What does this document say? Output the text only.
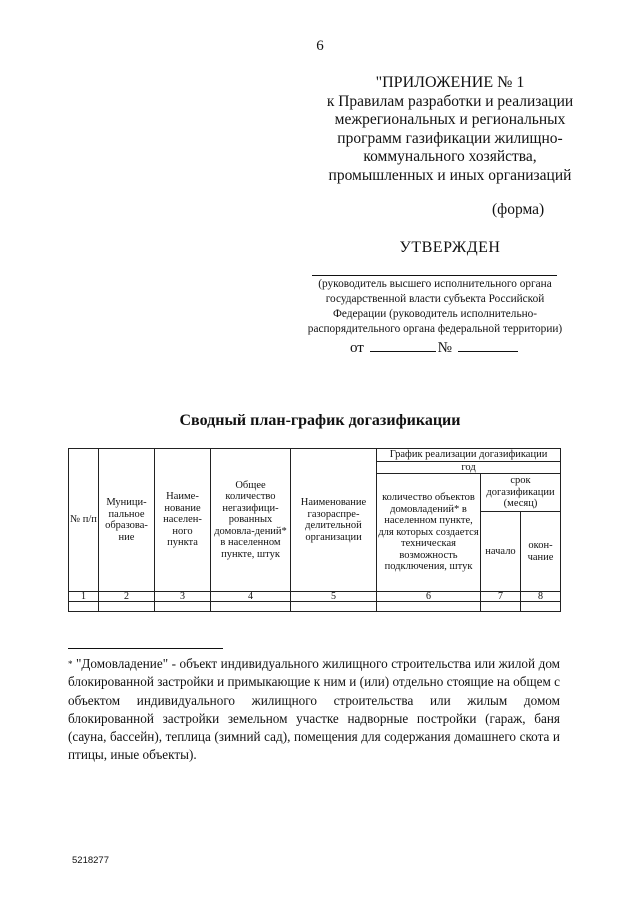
6
"ПРИЛОЖЕНИЕ № 1
к Правилам разработки и реализации
межрегиональных и региональных
программ газификации жилищно-
коммунального хозяйства,
промышленных и иных организаций
(форма)
УТВЕРЖДЕН
(руководитель высшего исполнительного органа
государственной власти субъекта Российской
Федерации (руководитель исполнительно-
распорядительного органа федеральной территории)
от	№
Сводный план-график догазификации
№ п/п	Муници-пальное образова-ние	Наиме-нование населен-ного пункта	Общее количество негазифици-рованных домовла-дений* в населенном пункте, штук	Наименование газораспре-делительной организации	График реализации догазификации		
					год		
					количество объектов домовладений* в населенном пункте, для которых создается техническая возможность подключения, штук	срок догазификации (месяц)	
						начало	окон-чание
1	2	3	4	5	6	7	8

* "Домовладение" - объект индивидуального жилищного строительства или жилой дом блокированной застройки и примыкающие к ним и (или) отдельно стоящие на общем с объектом индивидуального жилищного строительства или жилым домом блокированной застройки земельном участке надворные постройки (гараж, баня (сауна, бассейн), теплица (зимний сад), помещения для содержания домашнего скота и птицы, иные объекты).
5218277
